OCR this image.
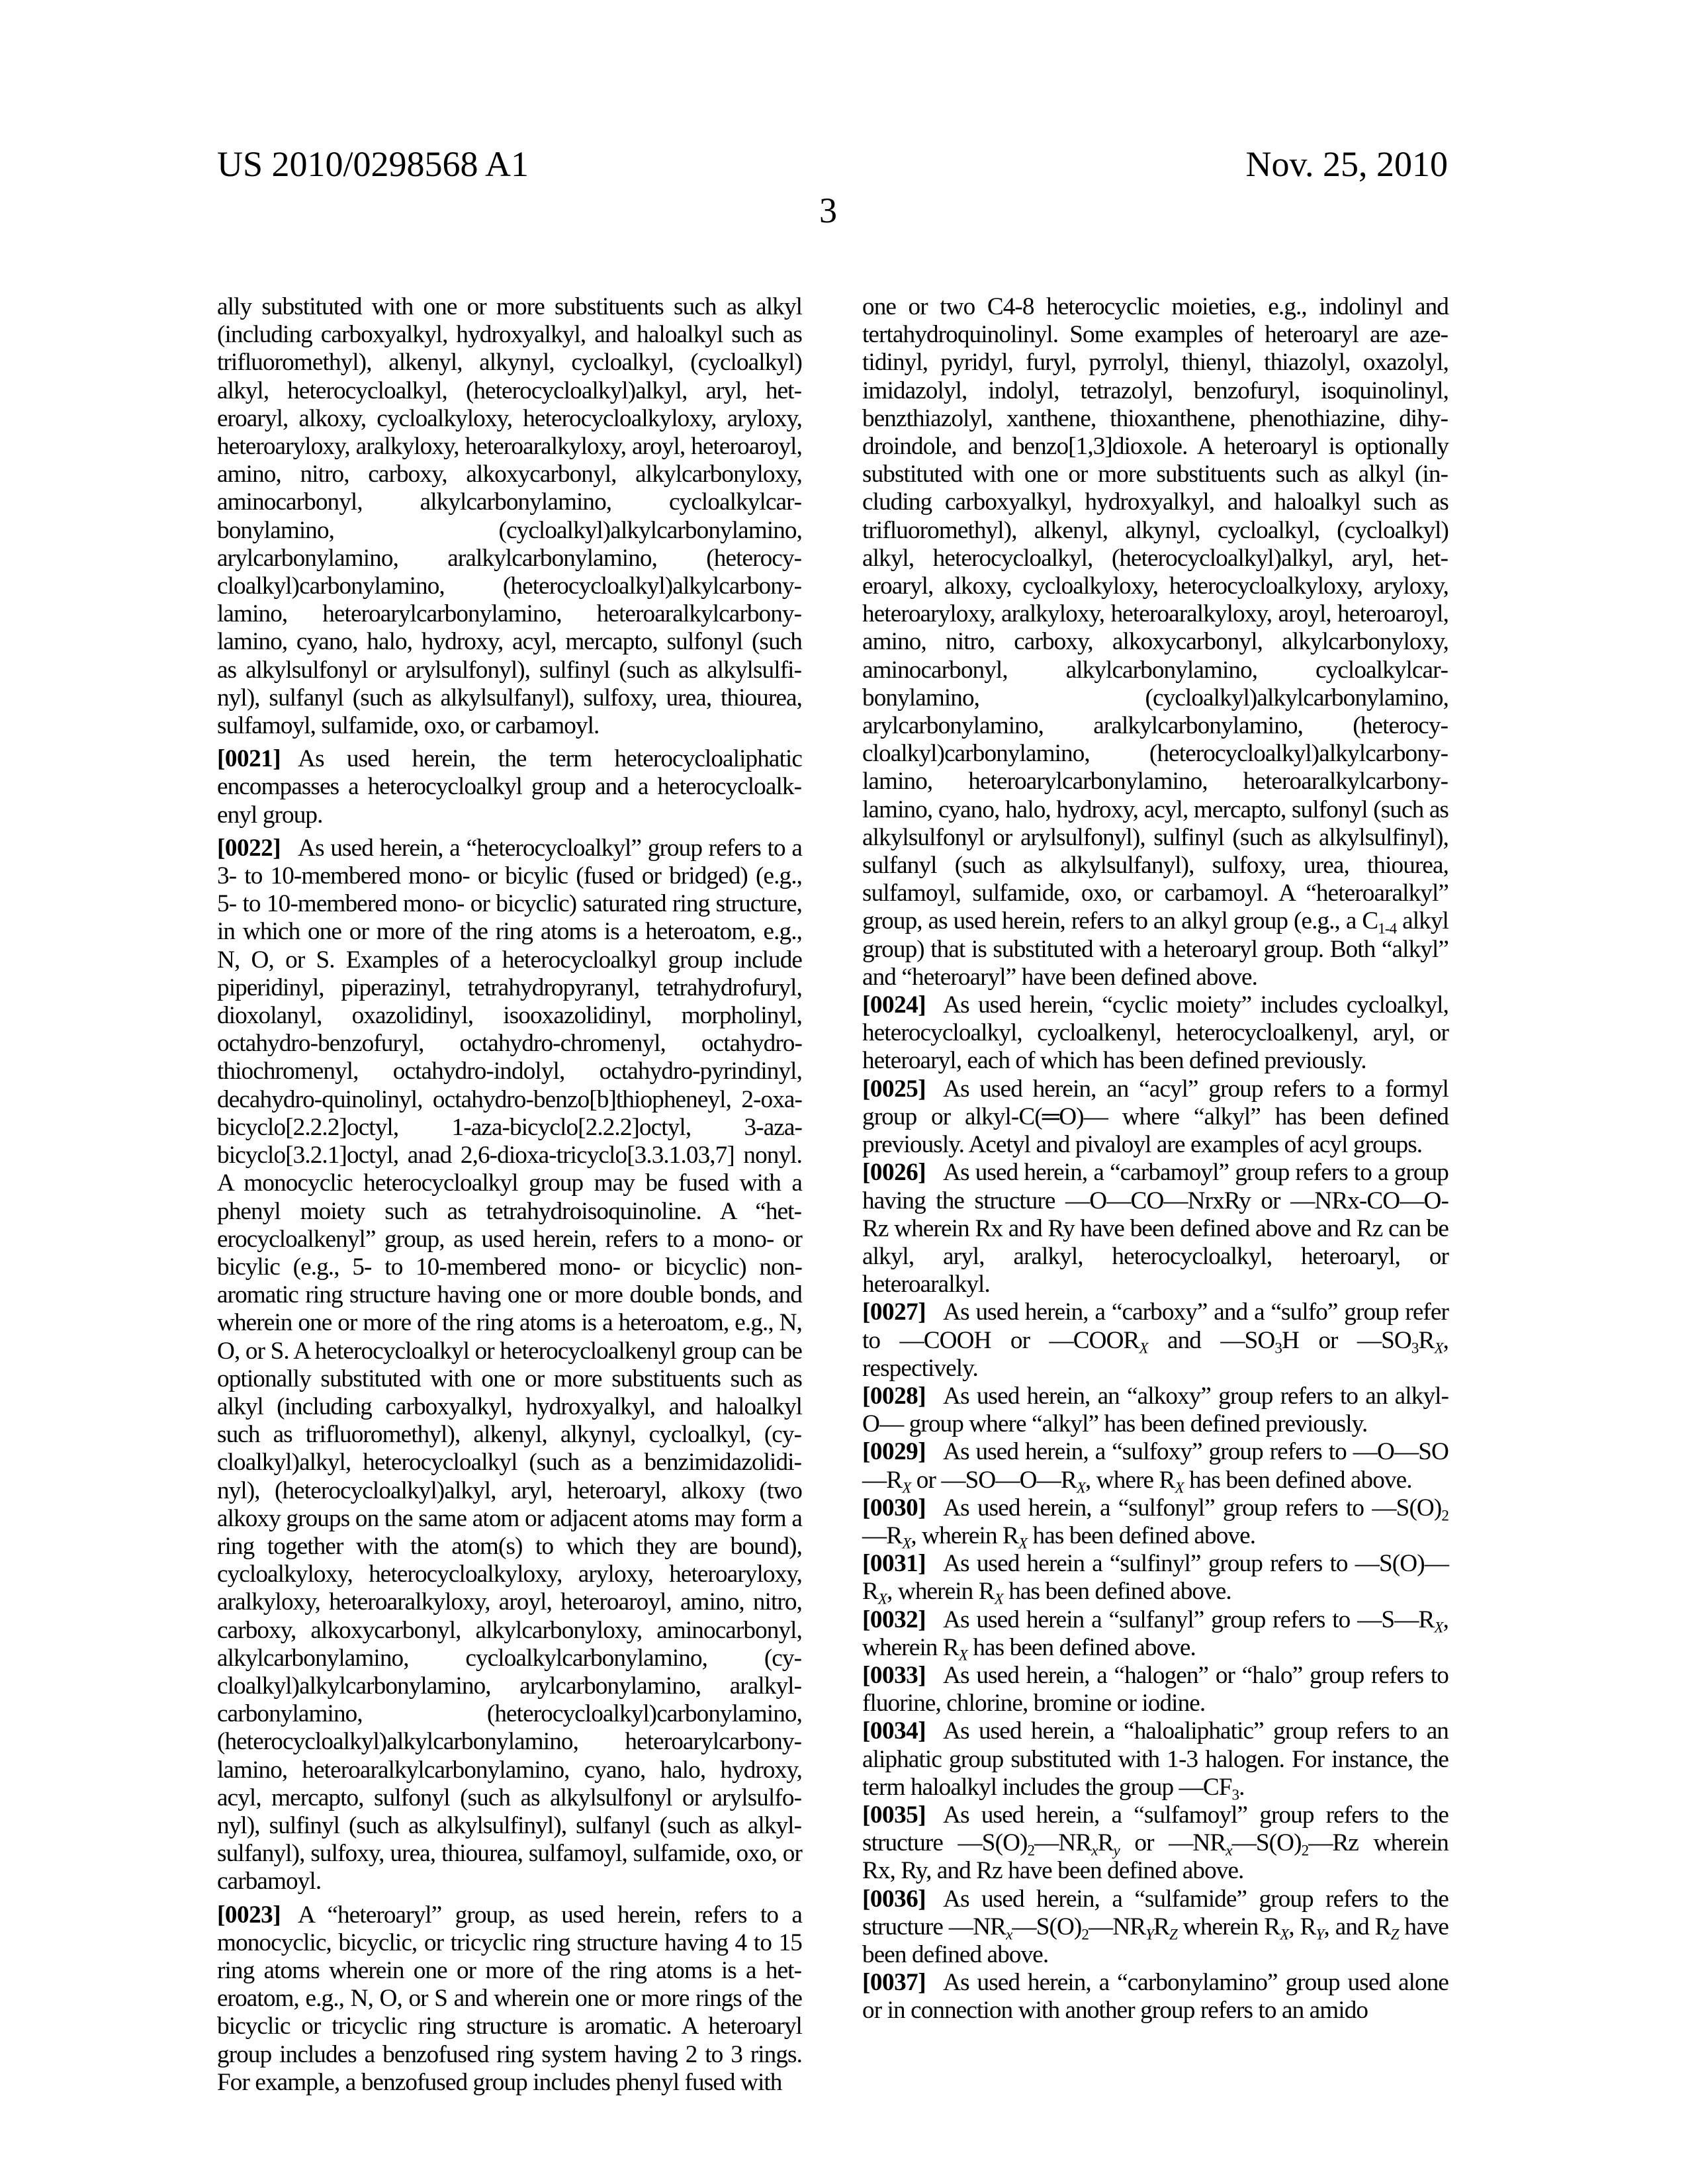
US 2010/0298568 A1	Nov. 25, 2010
3

ally substituted with one or more substituents such as alkyl (including carboxyalkyl, hydroxyalkyl, and haloalkyl such as trifluoromethyl), alkenyl, alkynyl, cycloalkyl, (cycloalkyl) alkyl, heterocycloalkyl, (heterocycloalkyl)alkyl, aryl, heteroaryl, alkoxy, cycloalkyloxy, heterocycloalkyloxy, aryloxy, heteroaryloxy, aralkyloxy, heteroaralkyloxy, aroyl, heteroaroyl, amino, nitro, carboxy, alkoxycarbonyl, alkylcarbonyloxy, aminocarbonyl, alkylcarbonylamino, cycloalkylcarbonylamino, (cycloalkyl)alkylcarbonylamino, arylcarbonylamino, aralkylcarbonylamino, (heterocycloalkyl)carbonylamino, (heterocycloalkyl)alkylcarbonylamino, heteroarylcarbonylamino, heteroaralkylcarbonylamino, cyano, halo, hydroxy, acyl, mercapto, sulfonyl (such as alkylsulfonyl or arylsulfonyl), sulfinyl (such as alkylsulfinyl), sulfanyl (such as alkylsulfanyl), sulfoxy, urea, thiourea, sulfamoyl, sulfamide, oxo, or carbamoyl.

[0021] As used herein, the term heterocycloaliphatic encompasses a heterocycloalkyl group and a heterocycloalkenyl group.

[0022] As used herein, a “heterocycloalkyl” group refers to a 3- to 10-membered mono- or bicylic (fused or bridged) (e.g., 5- to 10-membered mono- or bicyclic) saturated ring structure, in which one or more of the ring atoms is a heteroatom, e.g., N, O, or S. Examples of a heterocycloalkyl group include piperidinyl, piperazinyl, tetrahydropyranyl, tetrahydrofuryl, dioxolanyl, oxazolidinyl, isooxazolidinyl, morpholinyl, octahydro-benzofuryl, octahydro-chromenyl, octahydro-thiochromenyl, octahydro-indolyl, octahydro-pyrindinyl, decahydro-quinolinyl, octahydro-benzo[b]thiopheneyl, 2-oxa-bicyclo[2.2.2]octyl, 1-aza-bicyclo[2.2.2]octyl, 3-aza-bicyclo[3.2.1]octyl, anad 2,6-dioxa-tricyclo[3.3.1.03,7] nonyl. A monocyclic heterocycloalkyl group may be fused with a phenyl moiety such as tetrahydroisoquinoline. A “heterocycloalkenyl” group, as used herein, refers to a mono- or bicylic (e.g., 5- to 10-membered mono- or bicyclic) non-aromatic ring structure having one or more double bonds, and wherein one or more of the ring atoms is a heteroatom, e.g., N, O, or S. A heterocycloalkyl or heterocycloalkenyl group can be optionally substituted with one or more substituents such as alkyl (including carboxyalkyl, hydroxyalkyl, and haloalkyl such as trifluoromethyl), alkenyl, alkynyl, cycloalkyl, (cycloalkyl)alkyl, heterocycloalkyl (such as a benzimidazolidinyl), (heterocycloalkyl)alkyl, aryl, heteroaryl, alkoxy (two alkoxy groups on the same atom or adjacent atoms may form a ring together with the atom(s) to which they are bound), cycloalkyloxy, heterocycloalkyloxy, aryloxy, heteroaryloxy, aralkyloxy, heteroaralkyloxy, aroyl, heteroaroyl, amino, nitro, carboxy, alkoxycarbonyl, alkylcarbonyloxy, aminocarbonyl, alkylcarbonylamino, cycloalkylcarbonylamino, (cycloalkyl)alkylcarbonylamino, arylcarbonylamino, aralkylcarbonylamino, (heterocycloalkyl)carbonylamino, (heterocycloalkyl)alkylcarbonylamino, heteroarylcarbonylamino, heteroaralkylcarbonylamino, cyano, halo, hydroxy, acyl, mercapto, sulfonyl (such as alkylsulfonyl or arylsulfonyl), sulfinyl (such as alkylsulfinyl), sulfanyl (such as alkylsulfanyl), sulfoxy, urea, thiourea, sulfamoyl, sulfamide, oxo, or carbamoyl.

[0023] A “heteroaryl” group, as used herein, refers to a monocyclic, bicyclic, or tricyclic ring structure having 4 to 15 ring atoms wherein one or more of the ring atoms is a heteroatom, e.g., N, O, or S and wherein one or more rings of the bicyclic or tricyclic ring structure is aromatic. A heteroaryl group includes a benzofused ring system having 2 to 3 rings. For example, a benzofused group includes phenyl fused with

one or two C4-8 heterocyclic moieties, e.g., indolinyl and tertahydroquinolinyl. Some examples of heteroaryl are azetidinyl, pyridyl, furyl, pyrrolyl, thienyl, thiazolyl, oxazolyl, imidazolyl, indolyl, tetrazolyl, benzofuryl, isoquinolinyl, benzthiazolyl, xanthene, thioxanthene, phenothiazine, dihydroindole, and benzo[1,3]dioxole. A heteroaryl is optionally substituted with one or more substituents such as alkyl (including carboxyalkyl, hydroxyalkyl, and haloalkyl such as trifluoromethyl), alkenyl, alkynyl, cycloalkyl, (cycloalkyl) alkyl, heterocycloalkyl, (heterocycloalkyl)alkyl, aryl, heteroaryl, alkoxy, cycloalkyloxy, heterocycloalkyloxy, aryloxy, heteroaryloxy, aralkyloxy, heteroaralkyloxy, aroyl, heteroaroyl, amino, nitro, carboxy, alkoxycarbonyl, alkylcarbonyloxy, aminocarbonyl, alkylcarbonylamino, cycloalkylcarbonylamino, (cycloalkyl)alkylcarbonylamino, arylcarbonylamino, aralkylcarbonylamino, (heterocycloalkyl)carbonylamino, (heterocycloalkyl)alkylcarbonylamino, heteroarylcarbonylamino, heteroaralkylcarbonylamino, cyano, halo, hydroxy, acyl, mercapto, sulfonyl (such as alkylsulfonyl or arylsulfonyl), sulfinyl (such as alkylsulfinyl), sulfanyl (such as alkylsulfanyl), sulfoxy, urea, thiourea, sulfamoyl, sulfamide, oxo, or carbamoyl. A “heteroaralkyl” group, as used herein, refers to an alkyl group (e.g., a $C_{1-4}$ alkyl group) that is substituted with a heteroaryl group. Both “alkyl” and “heteroaryl” have been defined above.

[0024] As used herein, “cyclic moiety” includes cycloalkyl, heterocycloalkyl, cycloalkenyl, heterocycloalkenyl, aryl, or heteroaryl, each of which has been defined previously.

[0025] As used herein, an “acyl” group refers to a formyl group or alkyl-C(═O)— where “alkyl” has been defined previously. Acetyl and pivaloyl are examples of acyl groups.

[0026] As used herein, a “carbamoyl” group refers to a group having the structure —O—CO—NrxRy or —NRx-CO—O-Rz wherein Rx and Ry have been defined above and Rz can be alkyl, aryl, aralkyl, heterocycloalkyl, heteroaryl, or heteroaralkyl.

[0027] As used herein, a “carboxy” and a “sulfo” group refer to —COOH or $—COOR_X$ and $—SO_3H$ or $—SO_3R_X$, respectively.

[0028] As used herein, an “alkoxy” group refers to an alkyl-O— group where “alkyl” has been defined previously.

[0029] As used herein, a “sulfoxy” group refers to $—O—SO—R_X$ or $—SO—O—R_X$, where $R_X$ has been defined above.

[0030] As used herein, a “sulfonyl” group refers to $—S(O)_2—R_X$, wherein $R_X$ has been defined above.

[0031] As used herein a “sulfinyl” group refers to $—S(O)—R_X$, wherein $R_X$ has been defined above.

[0032] As used herein a “sulfanyl” group refers to $—S—R_X$, wherein $R_X$ has been defined above.

[0033] As used herein, a “halogen” or “halo” group refers to fluorine, chlorine, bromine or iodine.

[0034] As used herein, a “haloaliphatic” group refers to an aliphatic group substituted with 1-3 halogen. For instance, the term haloalkyl includes the group $—CF_3$.

[0035] As used herein, a “sulfamoyl” group refers to the structure $—S(O)_2—NR_xR_y$ or $—NR_x—S(O)_2—Rz$ wherein Rx, Ry, and Rz have been defined above.

[0036] As used herein, a “sulfamide” group refers to the structure $—NR_x—S(O)_2—NR_YR_Z$ wherein $R_X$, $R_Y$, and $R_Z$ have been defined above.

[0037] As used herein, a “carbonylamino” group used alone or in connection with another group refers to an amido
